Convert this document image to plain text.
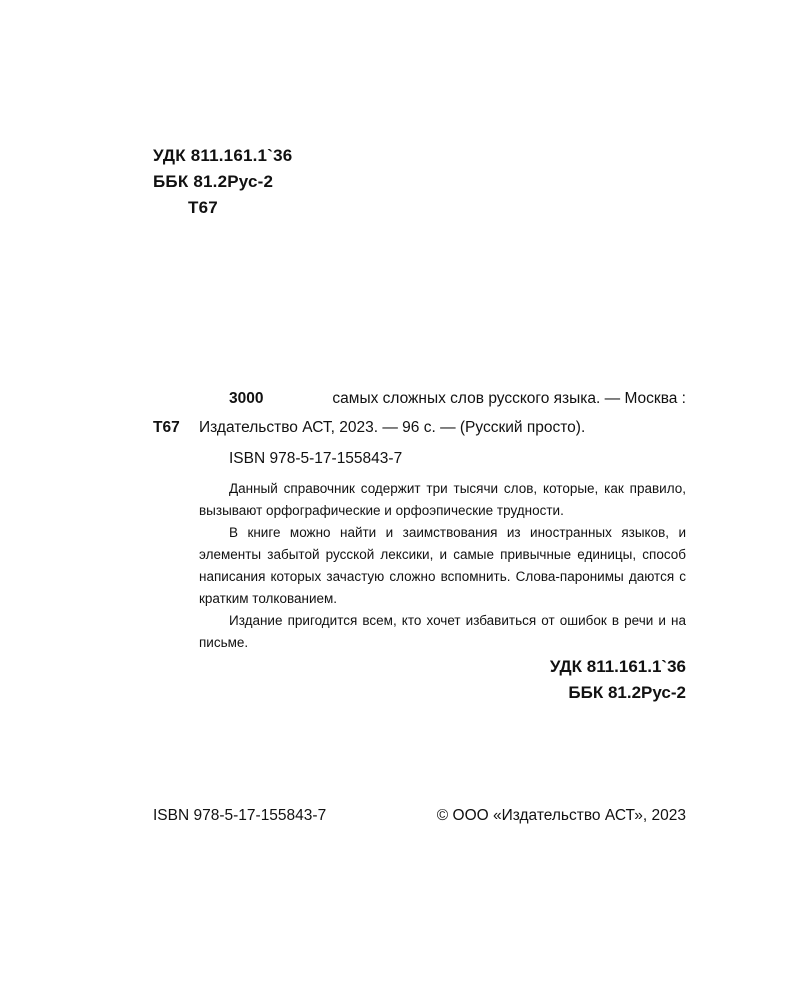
УДК 811.161.1`36
ББК 81.2Рус-2
Т67
3000	самых сложных слов русского языка. — Москва :
Т67 Издательство АСТ, 2023. — 96 с. — (Русский просто).
ISBN 978-5-17-155843-7

Данный справочник содержит три тысячи слов, которые, как правило, вызывают орфографические и орфоэпические трудности.

В книге можно найти и заимствования из иностранных языков, и элементы забытой русской лексики, и самые привычные единицы, способ написания которых зачастую сложно вспомнить. Слова-паронимы даются с кратким толкованием.

Издание пригодится всем, кто хочет избавиться от ошибок в речи и на письме.

УДК 811.161.1`36
ББК 81.2Рус-2
ISBN 978-5-17-155843-7	© ООО «Издательство АСТ», 2023
